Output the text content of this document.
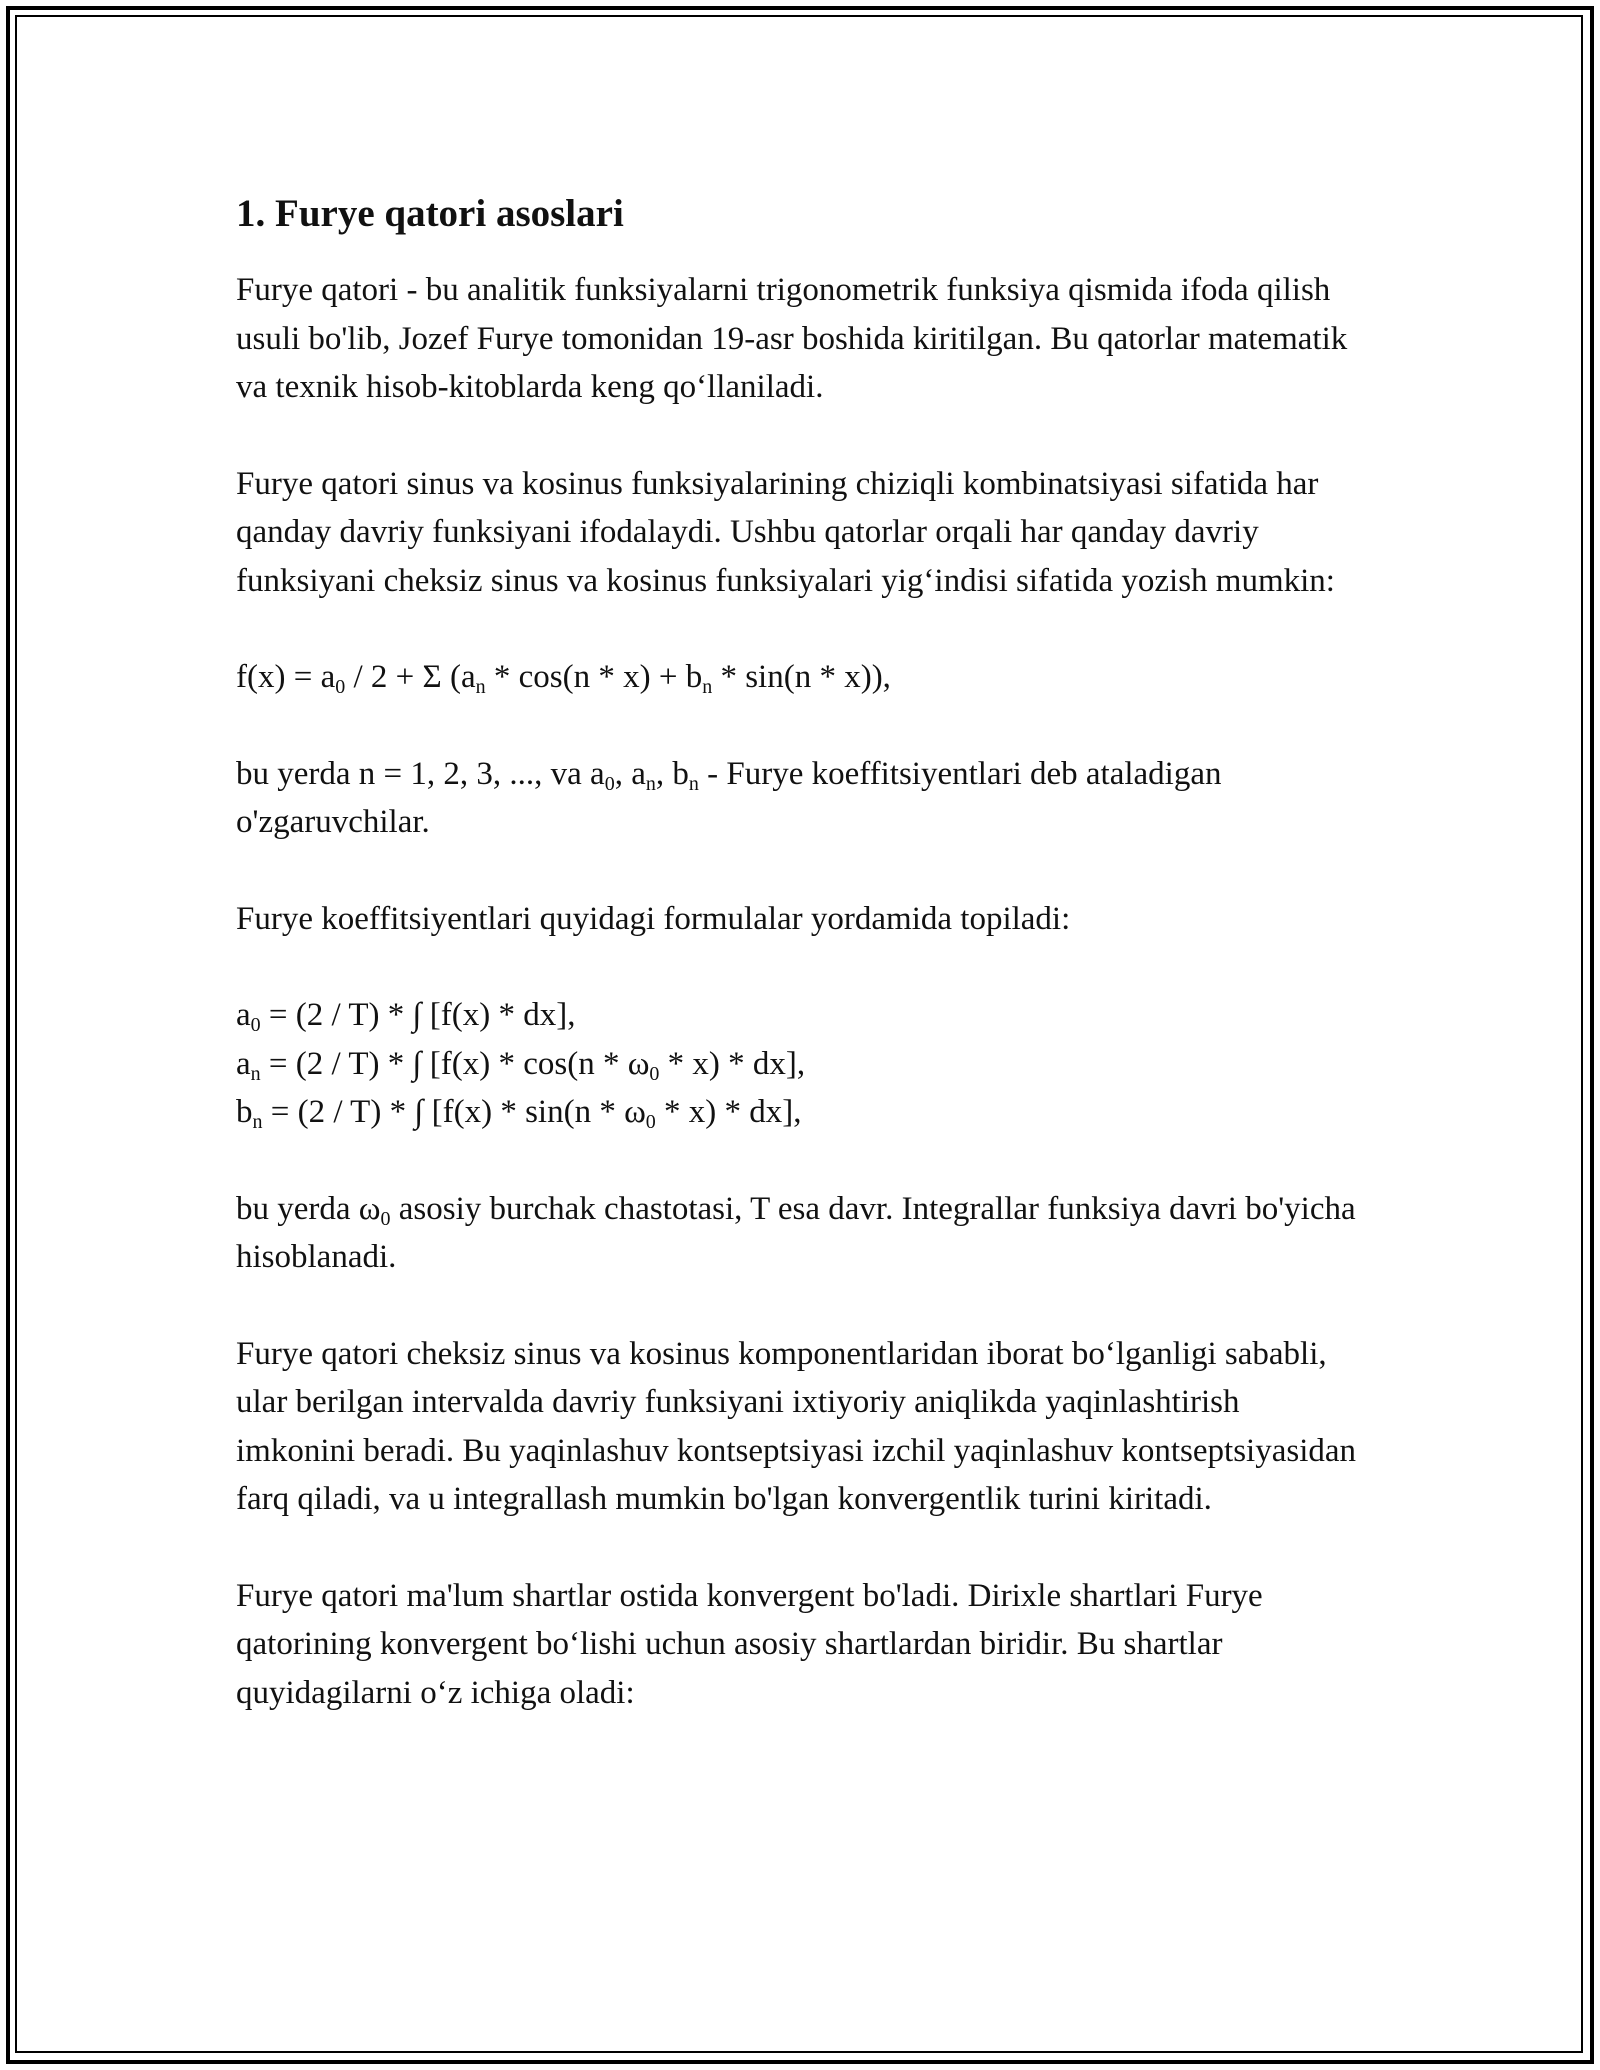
1. Furye qatori asoslari

Furye qatori - bu analitik funksiyalarni trigonometrik funksiya qismida ifoda qilish usuli bo'lib, Jozef Furye tomonidan 19-asr boshida kiritilgan. Bu qatorlar matematik va texnik hisob-kitoblarda keng qo‘llaniladi.

Furye qatori sinus va kosinus funksiyalarining chiziqli kombinatsiyasi sifatida har qanday davriy funksiyani ifodalaydi. Ushbu qatorlar orqali har qanday davriy funksiyani cheksiz sinus va kosinus funksiyalari yig‘indisi sifatida yozish mumkin:

$f(x) = a_0 / 2 + \Sigma$ $(a_n * \cos(n * x) + b_n * \sin(n * x))$,

bu yerda n = 1, 2, 3, ..., va $a_0$, $a_n$, $b_n$ - Furye koeffitsiyentlari deb ataladigan o'zgaruvchilar.

Furye koeffitsiyentlari quyidagi formulalar yordamida topiladi:

$a_0 = (2 / T)$ * ∫ [f(x) * dx],
$a_n = (2 / T)$ * ∫ $[f(x) * \cos(n * \omega_0 * x) * dx]$,
$b_n = (2 / T)$ * ∫ $[f(x) * \sin(n * \omega_0 * x) * dx]$,

bu yerda $\omega_0$ asosiy burchak chastotasi, T esa davr. Integrallar funksiya davri bo'yicha hisoblanadi.

Furye qatori cheksiz sinus va kosinus komponentlaridan iborat bo‘lganligi sababli, ular berilgan intervalda davriy funksiyani ixtiyoriy aniqlikda yaqinlashtirish imkonini beradi. Bu yaqinlashuv kontseptsiyasi izchil yaqinlashuv kontseptsiyasidan farq qiladi, va u integrallash mumkin bo'lgan konvergentlik turini kiritadi.

Furye qatori ma'lum shartlar ostida konvergent bo'ladi. Dirixle shartlari Furye qatorining konvergent bo‘lishi uchun asosiy shartlardan biridir. Bu shartlar quyidagilarni o‘z ichiga oladi:
